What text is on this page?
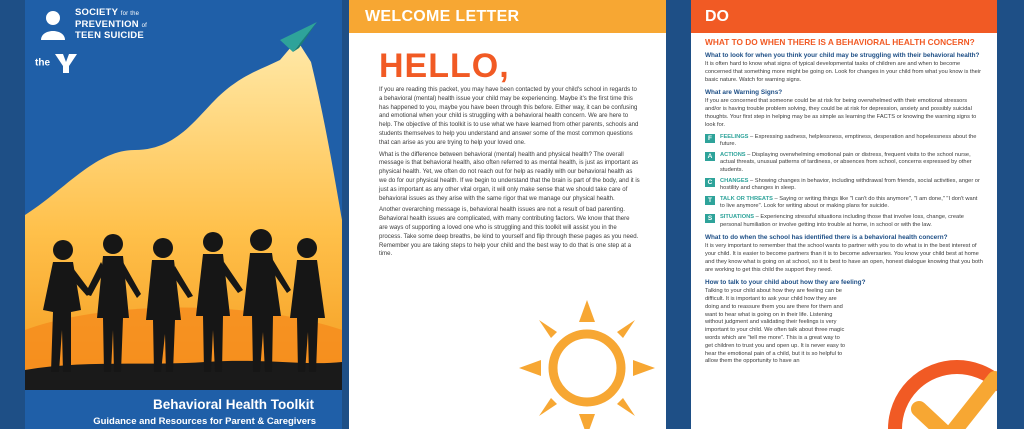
SOCIETY for the
PREVENTION of
TEEN SUICIDE
the
Behavioral Health Toolkit
Guidance and Resources for Parent & Caregivers
WELCOME LETTER
HELLO,

If you are reading this packet, you may have been contacted by your child's school in regards to a behavioral (mental) health issue your child may be experiencing. Maybe it's the first time this has happened to you, maybe you have been through this before. Either way, it can be confusing and emotional when your child is struggling with a behavioral health concern. We are here to help. The objective of this toolkit is to use what we have learned from other parents, schools and students themselves to help you understand and answer some of the most common questions that can arise as you are trying to help your loved one.

What is the difference between behavioral (mental) health and physical health? The overall message is that behavioral health, also often referred to as mental health, is just as important as physical health. Yet, we often do not reach out for help as readily with our behavioral health as we do for our physical health. If we begin to understand that the brain is part of the body, and it is just as important as any other vital organ, it will only make sense that we should take care of behavioral issues as they arise with the same rigor that we manage our physical health.

Another overarching message is, behavioral health issues are not a result of bad parenting. Behavioral health issues are complicated, with many contributing factors. We know that there are ways of supporting a loved one who is struggling and this toolkit will assist you in the process. Take some deep breaths, be kind to yourself and flip through these pages as you need. Remember you are taking steps to help your child and the best way to do that is one step at a time.

DO
WHAT TO DO WHEN THERE IS A BEHAVIORAL HEALTH CONCERN?
What to look for when you think your child may be struggling with their behavioral health?
It is often hard to know what signs of typical developmental tasks of children are and when to become concerned that something more might be going on. Look for changes in your child from what you know is their basic nature. Watch for warning signs.
What are Warning Signs?
If you are concerned that someone could be at risk for being overwhelmed with their emotional stressors and/or is having trouble problem solving, they could be at risk for depression, anxiety and possibly suicidal thoughts. Your first step in helping may be as simple as learning the FACTS or knowing the warning signs to look for.
F	FEELINGS – Expressing sadness, helplessness, emptiness, desperation and hopelessness about the future.
A	ACTIONS – Displaying overwhelming emotional pain or distress, frequent visits to the school nurse, actual threats, unusual patterns of tardiness, or absences from school, concerns expressed by other students.
C	CHANGES – Showing changes in behavior, including withdrawal from friends, social activities, anger or hostility and changes in sleep.
T	TALK OR THREATS – Saying or writing things like "I can't do this anymore", "I am done," "I don't want to live anymore". Look for writing about or making plans for suicide.
S	SITUATIONS – Experiencing stressful situations including those that involve loss, change, create personal humiliation or involve getting into trouble at home, in school or with the law.
What to do when the school has identified there is a behavioral health concern?
It is very important to remember that the school wants to partner with you to do what is in the best interest of your child. It is easier to become partners than it is to become adversaries. You know your child best at home and they know what is going on at school, so it is best to have an open, honest dialogue knowing that you both are working to get this child the support they need.
How to talk to your child about how they are feeling?
Talking to your child about how they are feeling can be difficult. It is important to ask your child how they are doing and to reassure them you are there for them and want to hear what is going on in their life. Listening without judgment and validating their feelings is very important to your child. We often talk about three magic words which are "tell me more". This is a great way to get children to trust you and open up. It is never easy to hear the emotional pain of a child, but it is so helpful to allow them the opportunity to have an
